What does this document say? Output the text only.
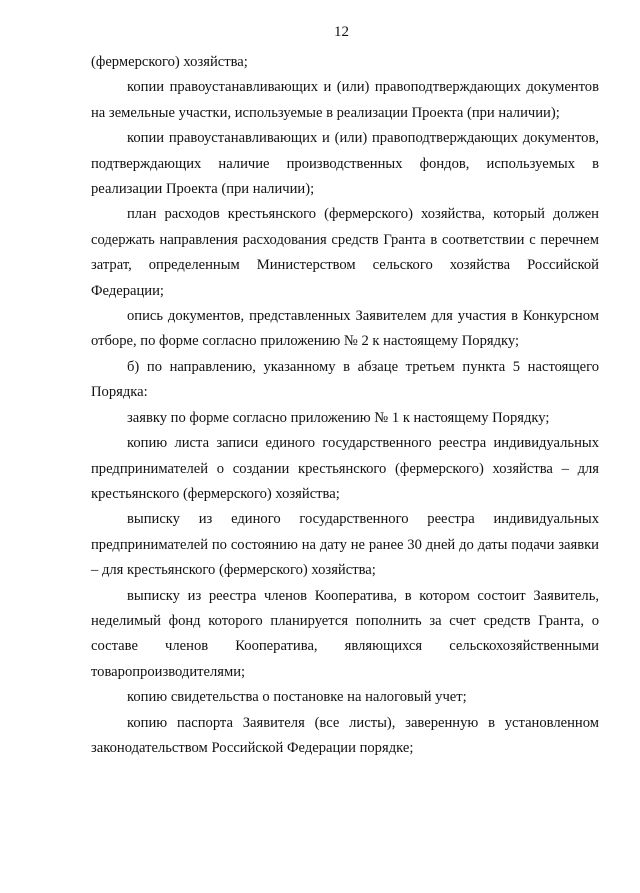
12

(фермерского) хозяйства;

копии правоустанавливающих и (или) правоподтверждающих документов на земельные участки, используемые в реализации Проекта (при наличии);

копии правоустанавливающих и (или) правоподтверждающих документов, подтверждающих наличие производственных фондов, используемых в реализации Проекта (при наличии);

план расходов крестьянского (фермерского) хозяйства, который должен содержать направления расходования средств Гранта в соответствии с перечнем затрат, определенным Министерством сельского хозяйства Российской Федерации;

опись документов, представленных Заявителем для участия в Конкурсном отборе, по форме согласно приложению № 2 к настоящему Порядку;

б) по направлению, указанному в абзаце третьем пункта 5 настоящего Порядка:

заявку по форме согласно приложению № 1 к настоящему Порядку;

копию листа записи единого государственного реестра индивидуальных предпринимателей о создании крестьянского (фермерского) хозяйства – для крестьянского (фермерского) хозяйства;

выписку из единого государственного реестра индивидуальных предпринимателей по состоянию на дату не ранее 30 дней до даты подачи заявки – для крестьянского (фермерского) хозяйства;

выписку из реестра членов Кооператива, в котором состоит Заявитель, неделимый фонд которого планируется пополнить за счет средств Гранта, о составе членов Кооператива, являющихся сельскохозяйственными товаропроизводителями;

копию свидетельства о постановке на налоговый учет;

копию паспорта Заявителя (все листы), заверенную в установленном законодательством Российской Федерации порядке;
